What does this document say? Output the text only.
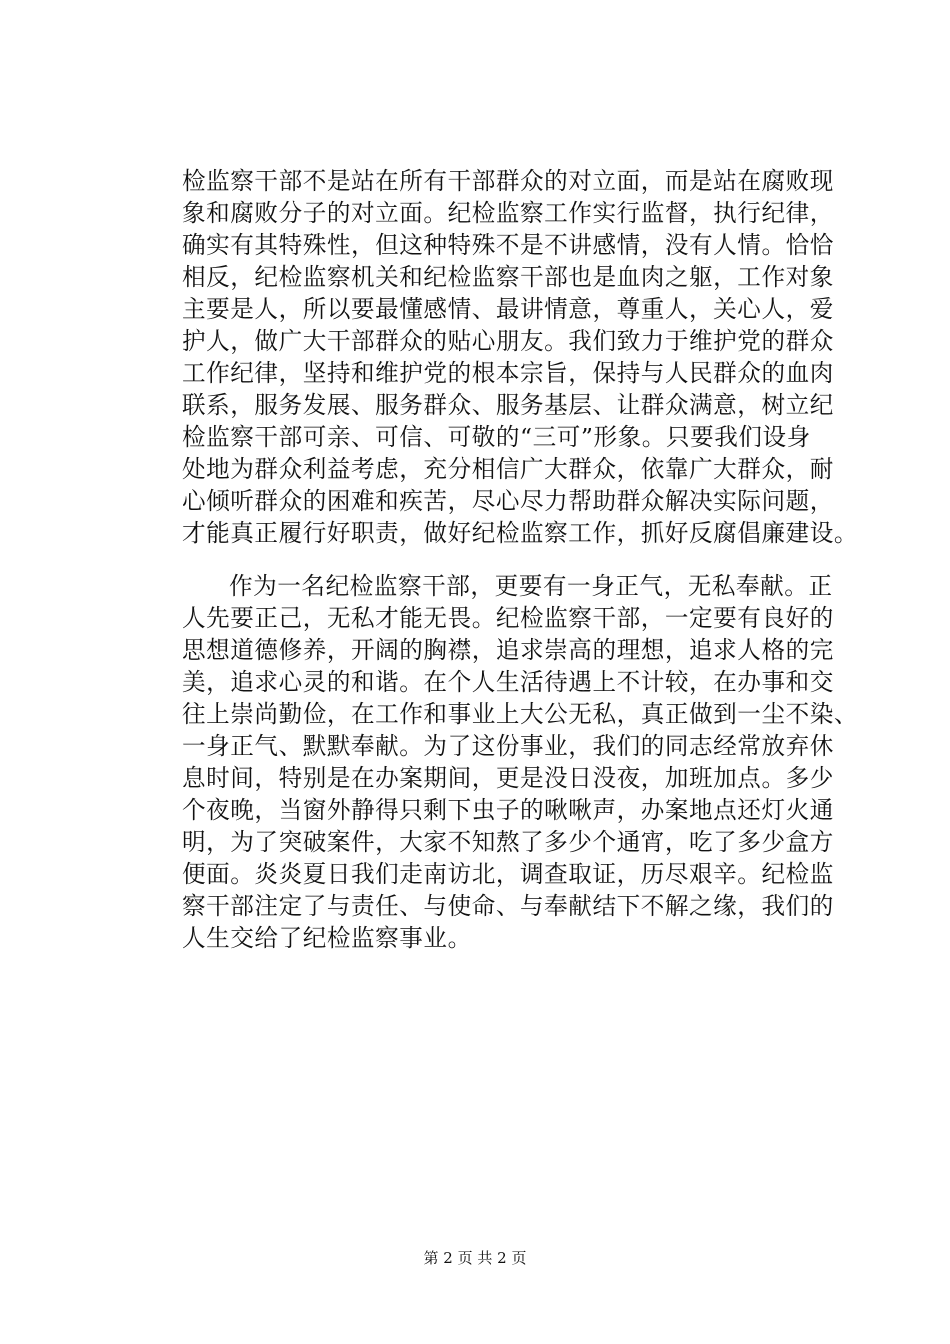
检监察干部不是站在所有干部群众的对立面，而是站在腐败现
象和腐败分子的对立面。纪检监察工作实行监督，执行纪律，
确实有其特殊性，但这种特殊不是不讲感情，没有人情。恰恰
相反，纪检监察机关和纪检监察干部也是血肉之躯，工作对象
主要是人，所以要最懂感情、最讲情意，尊重人，关心人，爱
护人，做广大干部群众的贴心朋友。我们致力于维护党的群众
工作纪律，坚持和维护党的根本宗旨，保持与人民群众的血肉
联系，服务发展、服务群众、服务基层、让群众满意，树立纪
检监察干部可亲、可信、可敬的“三可”形象。只要我们设身
处地为群众利益考虑，充分相信广大群众，依靠广大群众，耐
心倾听群众的困难和疾苦，尽心尽力帮助群众解决实际问题，
才能真正履行好职责，做好纪检监察工作，抓好反腐倡廉建设。
作为一名纪检监察干部，更要有一身正气，无私奉献。正
人先要正己，无私才能无畏。纪检监察干部，一定要有良好的
思想道德修养，开阔的胸襟，追求崇高的理想，追求人格的完
美，追求心灵的和谐。在个人生活待遇上不计较，在办事和交
往上崇尚勤俭，在工作和事业上大公无私，真正做到一尘不染、
一身正气、默默奉献。为了这份事业，我们的同志经常放弃休
息时间，特别是在办案期间，更是没日没夜，加班加点。多少
个夜晚，当窗外静得只剩下虫子的啾啾声，办案地点还灯火通
明，为了突破案件，大家不知熬了多少个通宵，吃了多少盒方
便面。炎炎夏日我们走南访北，调查取证，历尽艰辛。纪检监
察干部注定了与责任、与使命、与奉献结下不解之缘，我们的
人生交给了纪检监察事业。
第 2 页 共 2 页
